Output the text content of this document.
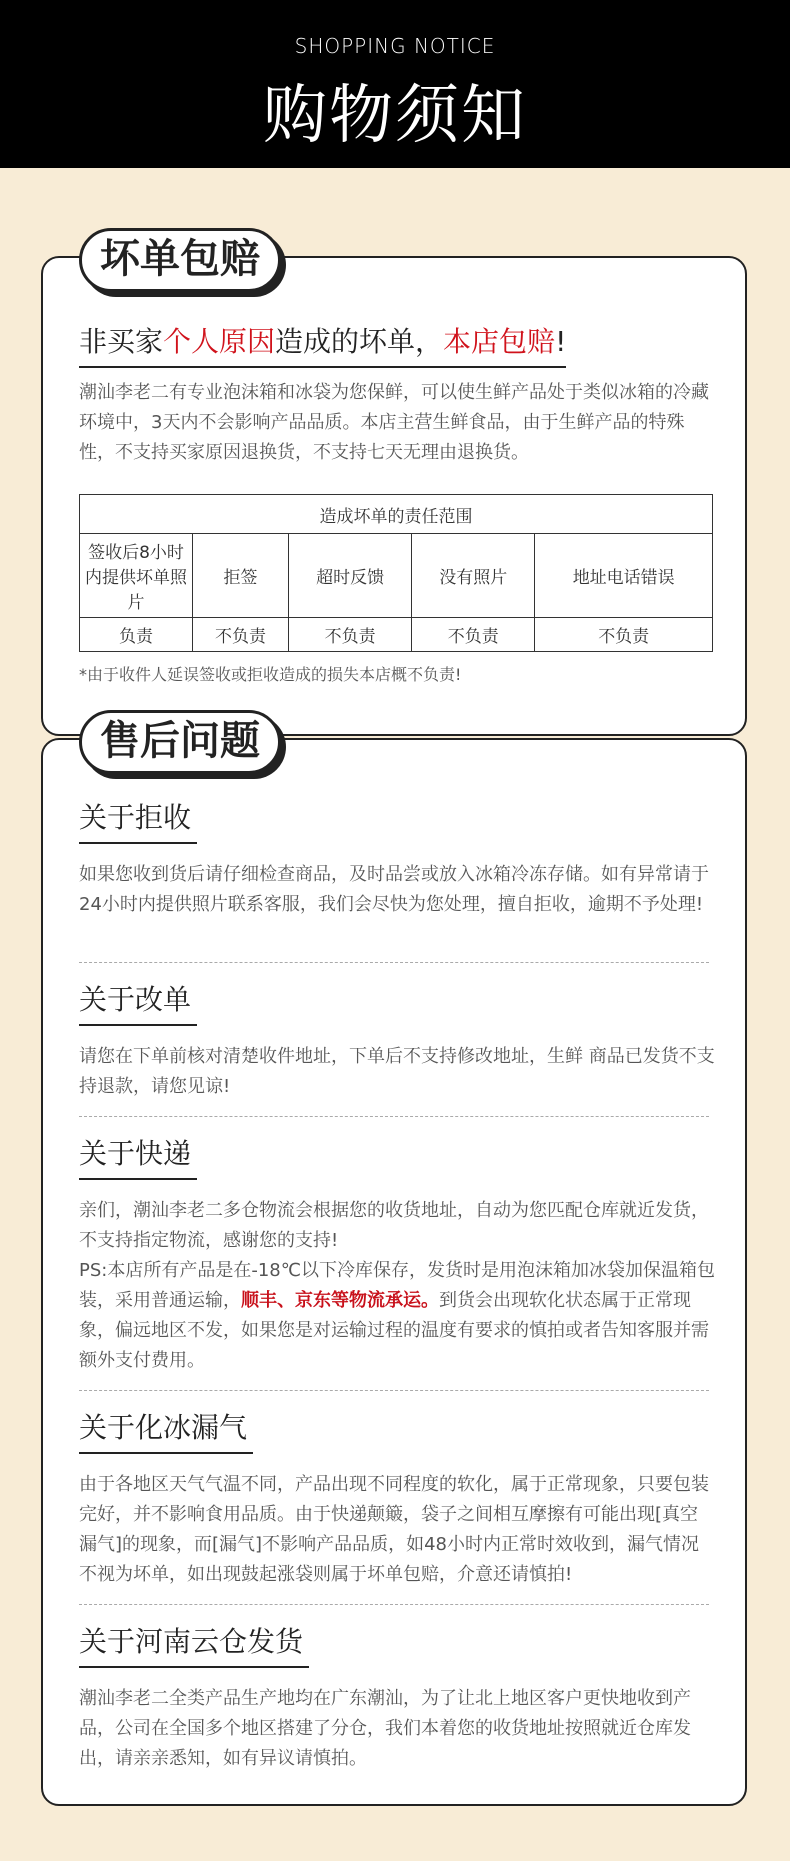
SHOPPING NOTICE
购物须知
坏单包赔
非买家个人原因造成的坏单，本店包赔!
潮汕李老二有专业泡沫箱和冰袋为您保鲜，可以使生鲜产品处于类似冰箱的冷藏环境中，3天内不会影响产品品质。本店主营生鲜食品，由于生鲜产品的特殊性，不支持买家原因退换货，不支持七天无理由退换货。
造成坏单的责任范围				
签收后8小时内提供坏单照片	拒签	超时反馈	没有照片	地址电话错误
负责	不负责	不负责	不负责	不负责
*由于收件人延误签收或拒收造成的损失本店概不负责!
售后问题
关于拒收
如果您收到货后请仔细检查商品，及时品尝或放入冰箱冷冻存储。如有异常请于24小时内提供照片联系客服，我们会尽快为您处理，擅自拒收，逾期不予处理!
关于改单
请您在下单前核对清楚收件地址，下单后不支持修改地址，生鲜 商品已发货不支持退款，请您见谅!
关于快递
亲们，潮汕李老二多仓物流会根据您的收货地址，自动为您匹配仓库就近发货，不支持指定物流，感谢您的支持!
PS:本店所有产品是在-18℃以下冷库保存，发货时是用泡沫箱加冰袋加保温箱包装，采用普通运输，顺丰、京东等物流承运。到货会出现软化状态属于正常现象，偏远地区不发，如果您是对运输过程的温度有要求的慎拍或者告知客服并需额外支付费用。
关于化冰漏气
由于各地区天气气温不同，产品出现不同程度的软化，属于正常现象，只要包装完好，并不影响食用品质。由于快递颠簸，袋子之间相互摩擦有可能出现[真空漏气]的现象，而[漏气]不影响产品品质，如48小时内正常时效收到，漏气情况不视为坏单，如出现鼓起涨袋则属于坏单包赔，介意还请慎拍!
关于河南云仓发货
潮汕李老二全类产品生产地均在广东潮汕，为了让北上地区客户更快地收到产品，公司在全国多个地区搭建了分仓，我们本着您的收货地址按照就近仓库发出，请亲亲悉知，如有异议请慎拍。
